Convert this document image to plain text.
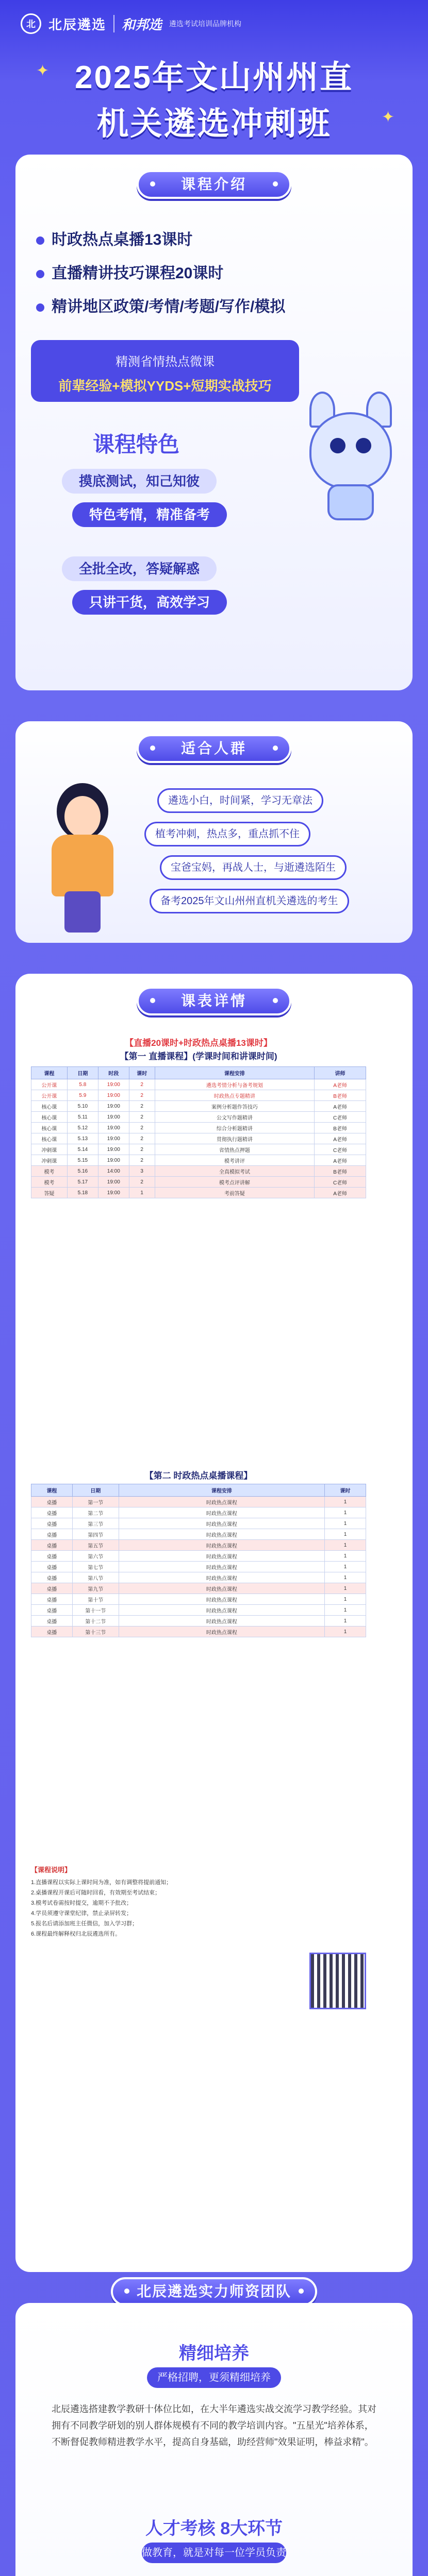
北 北辰遴选 和邦选 遴选考试培训品牌机构
✦
✦
2025年文山州州直
机关遴选冲刺班
课程介绍
时政热点桌播13课时
直播精讲技巧课程20课时
精讲地区政策/考情/考题/写作/模拟
精测省情热点微课
前辈经验+模拟YYDS+短期实战技巧
课程特色
摸底测试，知己知彼
特色考情，精准备考
全批全改，答疑解惑
只讲干货，高效学习
适合人群
遴选小白，时间紧，学习无章法
植考冲刺，热点多，重点抓不住
宝爸宝妈，再战人士，与逝遴选陌生
备考2025年文山州州直机关遴选的考生
课表详情
【直播20课时+时政热点桌播13课时】
【第一 直播课程】(学课时间和讲课时间)
课程	日期	时段	课时	课程安排	讲师
公开课	5.8	19:00	2	遴选考情分析与备考规划	A老师
公开课	5.9	19:00	2	时政热点专题精讲	B老师
核心课	5.10	19:00	2	案例分析题作答技巧	A老师
核心课	5.11	19:00	2	公文写作题精讲	C老师
核心课	5.12	19:00	2	综合分析题精讲	B老师
核心课	5.13	19:00	2	贯彻执行题精讲	A老师
冲刺课	5.14	19:00	2	省情热点押题	C老师
冲刺课	5.15	19:00	2	模考讲评	A老师
模考	5.16	14:00	3	全真模拟考试	B老师
模考	5.17	19:00	2	模考点评讲解	C老师
答疑	5.18	19:00	1	考前答疑	A老师
【第二 时政热点桌播课程】
课程	日期	课程安排	课时
桌播	第一节	时政热点课程	1
桌播	第二节	时政热点课程	1
桌播	第三节	时政热点课程	1
桌播	第四节	时政热点课程	1
桌播	第五节	时政热点课程	1
桌播	第六节	时政热点课程	1
桌播	第七节	时政热点课程	1
桌播	第八节	时政热点课程	1
桌播	第九节	时政热点课程	1
桌播	第十节	时政热点课程	1
桌播	第十一节	时政热点课程	1
桌播	第十二节	时政热点课程	1
桌播	第十三节	时政热点课程	1
【课程说明】
1.直播课程以实际上课时间为准，如有调整将提前通知；
2.桌播课程开课后可随时回看，有效期至考试结束；
3.模考试卷需按时提交，逾期不予批改；
4.学员须遵守课堂纪律，禁止录屏转发；
5.报名后请添加班主任微信，加入学习群；
6.课程最终解释权归北辰遴选所有。
北辰遴选实力师资团队
精细培养
严格招聘，更须精细培养
北辰遴选搭建教学教研十体位比如，在大半年遴选实战交流学习教学经验。其对拥有不同教学研划的别人群体规模有不同的教学培训内容。"五星光"培养体系，不断督促教师精进教学水平，提高自身基础，助经营师"效果证明，棒益求精"。
人才考核 8大环节
做教育，就是对每一位学员负责
